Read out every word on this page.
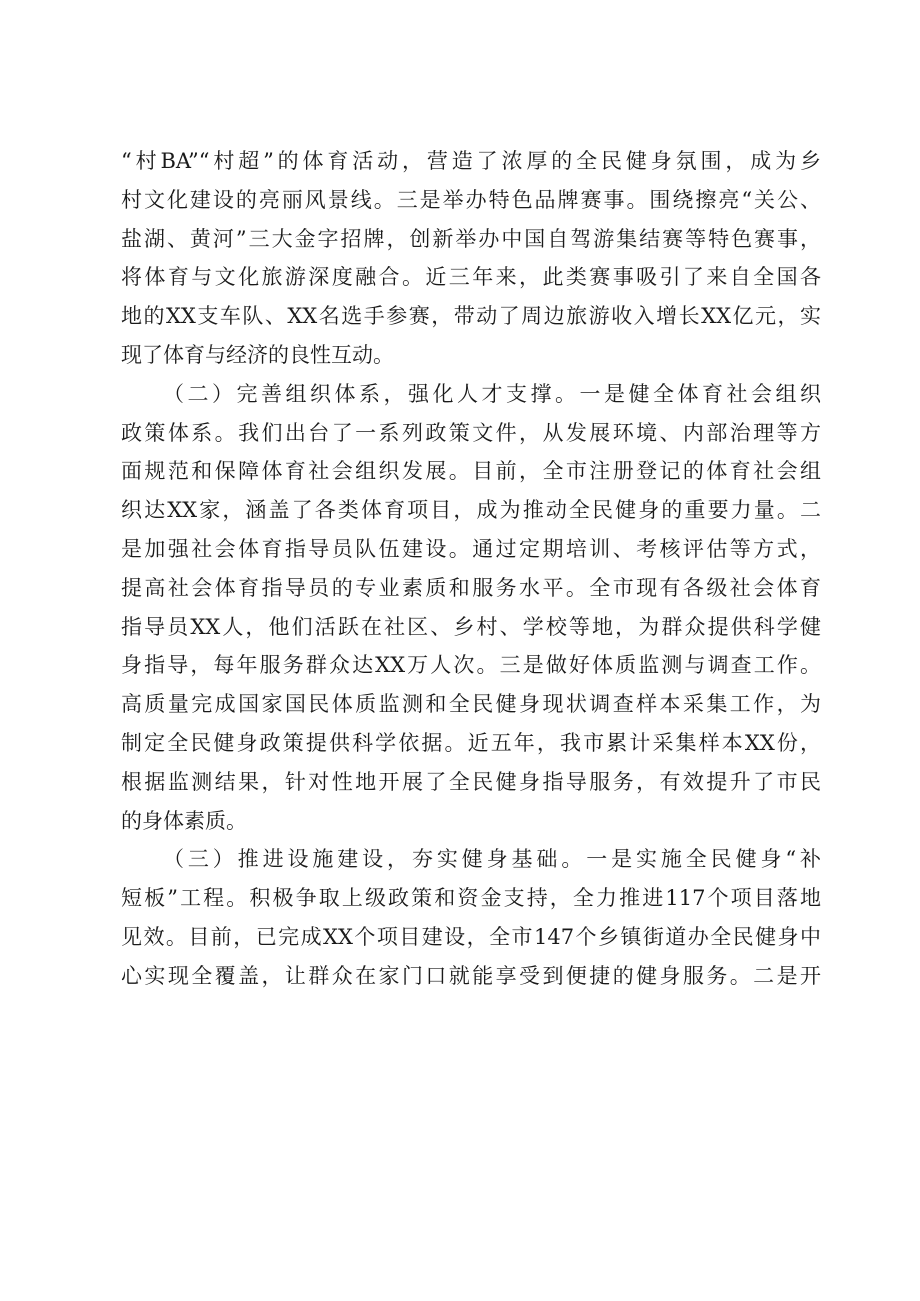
“村BA”“村超”的体育活动，营造了浓厚的全民健身氛围，成为乡
村文化建设的亮丽风景线。三是举办特色品牌赛事。围绕擦亮“关公、
盐湖、黄河”三大金字招牌，创新举办中国自驾游集结赛等特色赛事，
将体育与文化旅游深度融合。近三年来，此类赛事吸引了来自全国各
地的XX支车队、XX名选手参赛，带动了周边旅游收入增长XX亿元，实
现了体育与经济的良性互动。
（二）完善组织体系，强化人才支撑。一是健全体育社会组织
政策体系。我们出台了一系列政策文件，从发展环境、内部治理等方
面规范和保障体育社会组织发展。目前，全市注册登记的体育社会组
织达XX家，涵盖了各类体育项目，成为推动全民健身的重要力量。二
是加强社会体育指导员队伍建设。通过定期培训、考核评估等方式，
提高社会体育指导员的专业素质和服务水平。全市现有各级社会体育
指导员XX人，他们活跃在社区、乡村、学校等地，为群众提供科学健
身指导，每年服务群众达XX万人次。三是做好体质监测与调查工作。
高质量完成国家国民体质监测和全民健身现状调查样本采集工作，为
制定全民健身政策提供科学依据。近五年，我市累计采集样本XX份，
根据监测结果，针对性地开展了全民健身指导服务，有效提升了市民
的身体素质。
（三）推进设施建设，夯实健身基础。一是实施全民健身“补
短板”工程。积极争取上级政策和资金支持，全力推进117个项目落地
见效。目前，已完成XX个项目建设，全市147个乡镇街道办全民健身中
心实现全覆盖，让群众在家门口就能享受到便捷的健身服务。二是开
